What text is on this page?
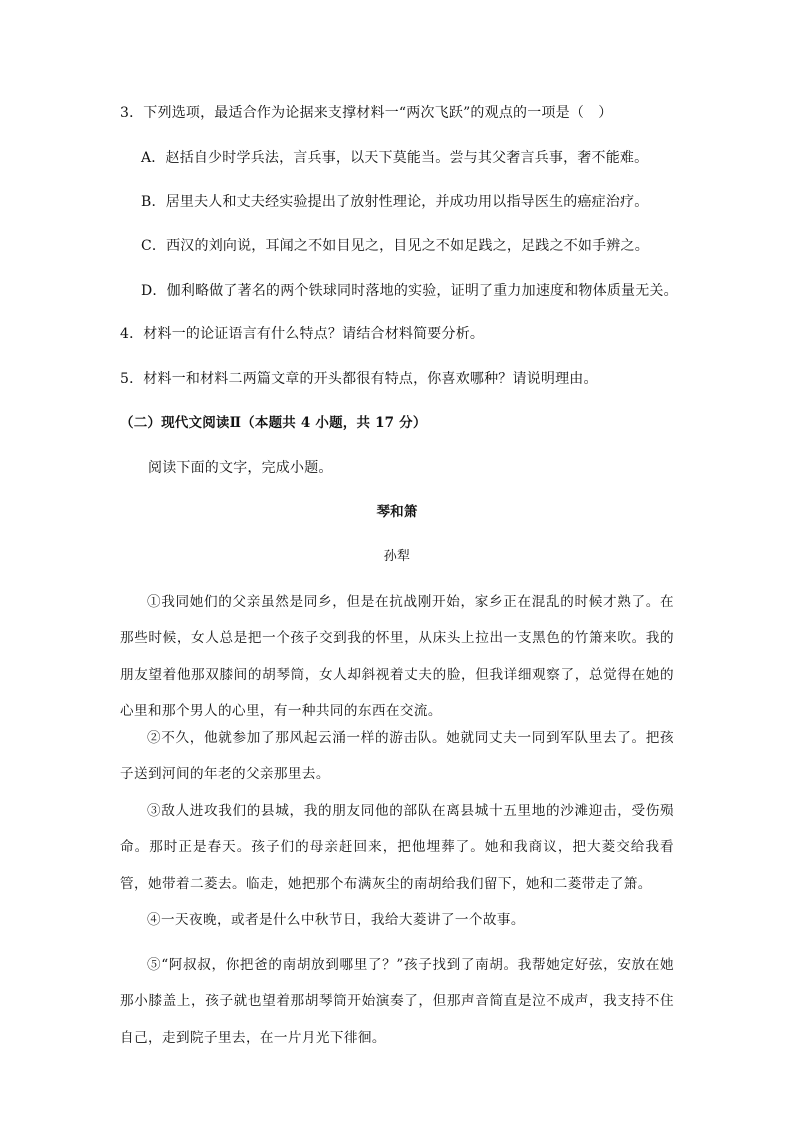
3．下列选项，最适合作为论据来支撑材料一“两次飞跃”的观点的一项是（　）
A．赵括自少时学兵法，言兵事，以天下莫能当。尝与其父奢言兵事，奢不能难。
B．居里夫人和丈夫经实验提出了放射性理论，并成功用以指导医生的癌症治疗。
C．西汉的刘向说，耳闻之不如目见之，目见之不如足践之，足践之不如手辨之。
D．伽利略做了著名的两个铁球同时落地的实验，证明了重力加速度和物体质量无关。
4．材料一的论证语言有什么特点？请结合材料简要分析。
5．材料一和材料二两篇文章的开头都很有特点，你喜欢哪种？请说明理由。
（二）现代文阅读Ⅱ（本题共 4 小题，共 17 分）
阅读下面的文字，完成小题。
琴和箫
孙犁
①我同她们的父亲虽然是同乡，但是在抗战刚开始，家乡正在混乱的时候才熟了。在那些时候，女人总是把一个孩子交到我的怀里，从床头上拉出一支黑色的竹箫来吹。我的朋友望着他那双膝间的胡琴筒，女人却斜视着丈夫的脸，但我详细观察了，总觉得在她的心里和那个男人的心里，有一种共同的东西在交流。
②不久，他就参加了那风起云涌一样的游击队。她就同丈夫一同到军队里去了。把孩子送到河间的年老的父亲那里去。
③敌人进攻我们的县城，我的朋友同他的部队在离县城十五里地的沙滩迎击，受伤殒命。那时正是春天。孩子们的母亲赶回来，把他埋葬了。她和我商议，把大菱交给我看管，她带着二菱去。临走，她把那个布满灰尘的南胡给我们留下，她和二菱带走了箫。
④一天夜晚，或者是什么中秋节日，我给大菱讲了一个故事。
⑤“阿叔叔，你把爸的南胡放到哪里了？”孩子找到了南胡。我帮她定好弦，安放在她那小膝盖上，孩子就也望着那胡琴筒开始演奏了，但那声音简直是泣不成声，我支持不住自己，走到院子里去，在一片月光下徘徊。
